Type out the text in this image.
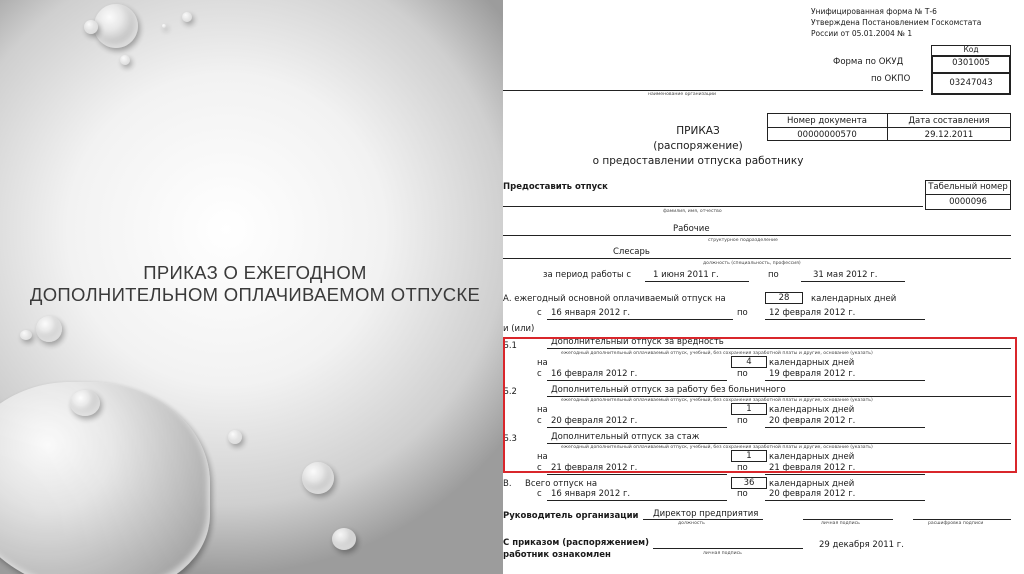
ПРИКАЗ О ЕЖЕГОДНОМ
ДОПОЛНИТЕЛЬНОМ ОПЛАЧИВАЕМОМ ОТПУСКЕ
Унифицированная форма № Т-6
Утверждена Постановлением Госкомстата
России от 05.01.2004 № 1
Код
0301005
03247043
Форма по ОКУД
по ОКПО
наименование организации
Номер документа	Дата составления
00000000570	29.12.2011
ПРИКАЗ
(распоряжение)
о предоставлении отпуска работнику
Предоставить отпуск	Табельный номер
0000096
фамилия, имя, отчество
Рабочие
структурное подразделение
Слесарь
должность (специальность, профессия)
за период работы с	1 июня 2011 г.	по	31 мая 2012 г.
А. ежегодный основной оплачиваемый отпуск на	28	календарных дней
с 16 января 2012 г.	по 12 февраля 2012 г.
и (или)
Б.1	Дополнительный отпуск за вредность
ежегодный дополнительный оплачиваемый отпуск, учебный, без сохранения заработной платы и другие, основание (указать)
на	4	календарных дней
с 16 февраля 2012 г.	по 19 февраля 2012 г.
Б.2	Дополнительный отпуск за работу без больничного
ежегодный дополнительный оплачиваемый отпуск, учебный, без сохранения заработной платы и другие, основание (указать)
на	1	календарных дней
с 20 февраля 2012 г.	по 20 февраля 2012 г.
Б.3	Дополнительный отпуск за стаж
ежегодный дополнительный оплачиваемый отпуск, учебный, без сохранения заработной платы и другие, основание (указать)
на	1	календарных дней
с 21 февраля 2012 г.	по 21 февраля 2012 г.
В. Всего отпуск на	36	календарных дней
с 16 января 2012 г.	по 20 февраля 2012 г.
Руководитель организации Директор предприятия
должность	личная подпись	расшифровка подписи
С приказом (распоряжением)
работник ознакомлен	личная подпись
29 декабря 2011 г.
